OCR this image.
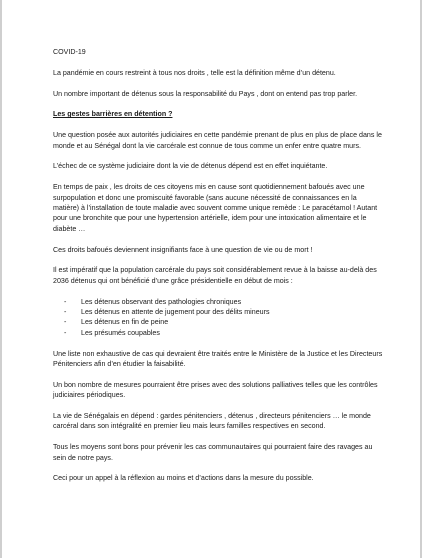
COVID-19

La pandémie en cours restreint à tous nos droits , telle est la définition même d’un détenu.

Un nombre important de détenus sous la responsabilité du Pays , dont on entend pas trop parler.

Les gestes barrières en détention ?

Une question posée aux autorités judiciaires en cette pandémie prenant de plus en plus de place dans le monde et au Sénégal dont la vie carcérale est connue de tous comme un enfer entre quatre murs.

L’échec de ce système judiciaire dont la vie de détenus dépend est en effet inquiétante.

En temps de paix , les droits de ces citoyens mis en cause sont quotidiennement bafoués avec une surpopulation et donc une promiscuité favorable (sans aucune nécessité de connaissances en la matière) à l’installation de toute maladie avec souvent comme unique remède : Le paracétamol ! Autant pour une bronchite que pour une hypertension artérielle, idem pour une intoxication alimentaire et le diabète …

Ces droits bafoués deviennent insignifiants face à une question de vie ou de mort !

Il est impératif que la population carcérale du pays soit considérablement revue à la baisse au-delà des 2036 détenus qui ont bénéficié d’une grâce présidentielle en début de mois :

- Les détenus observant des pathologies chroniques
- Les détenus en attente de jugement pour des délits mineurs
- Les détenus en fin de peine
- Les présumés coupables

Une liste non exhaustive de cas qui devraient être traités entre le Ministère de la Justice et les Directeurs Pénitenciers afin d’en étudier la faisabilité.

Un bon nombre de mesures pourraient être prises avec des solutions palliatives telles que les contrôles judiciaires périodiques.

La vie de Sénégalais en dépend : gardes pénitenciers , détenus , directeurs pénitenciers … le monde carcéral dans son intégralité en premier lieu mais leurs familles respectives en second.

Tous les moyens sont bons pour prévenir les cas communautaires qui pourraient faire des ravages au sein de notre pays.

Ceci pour un appel à la réflexion au moins et d’actions dans la mesure du possible.
